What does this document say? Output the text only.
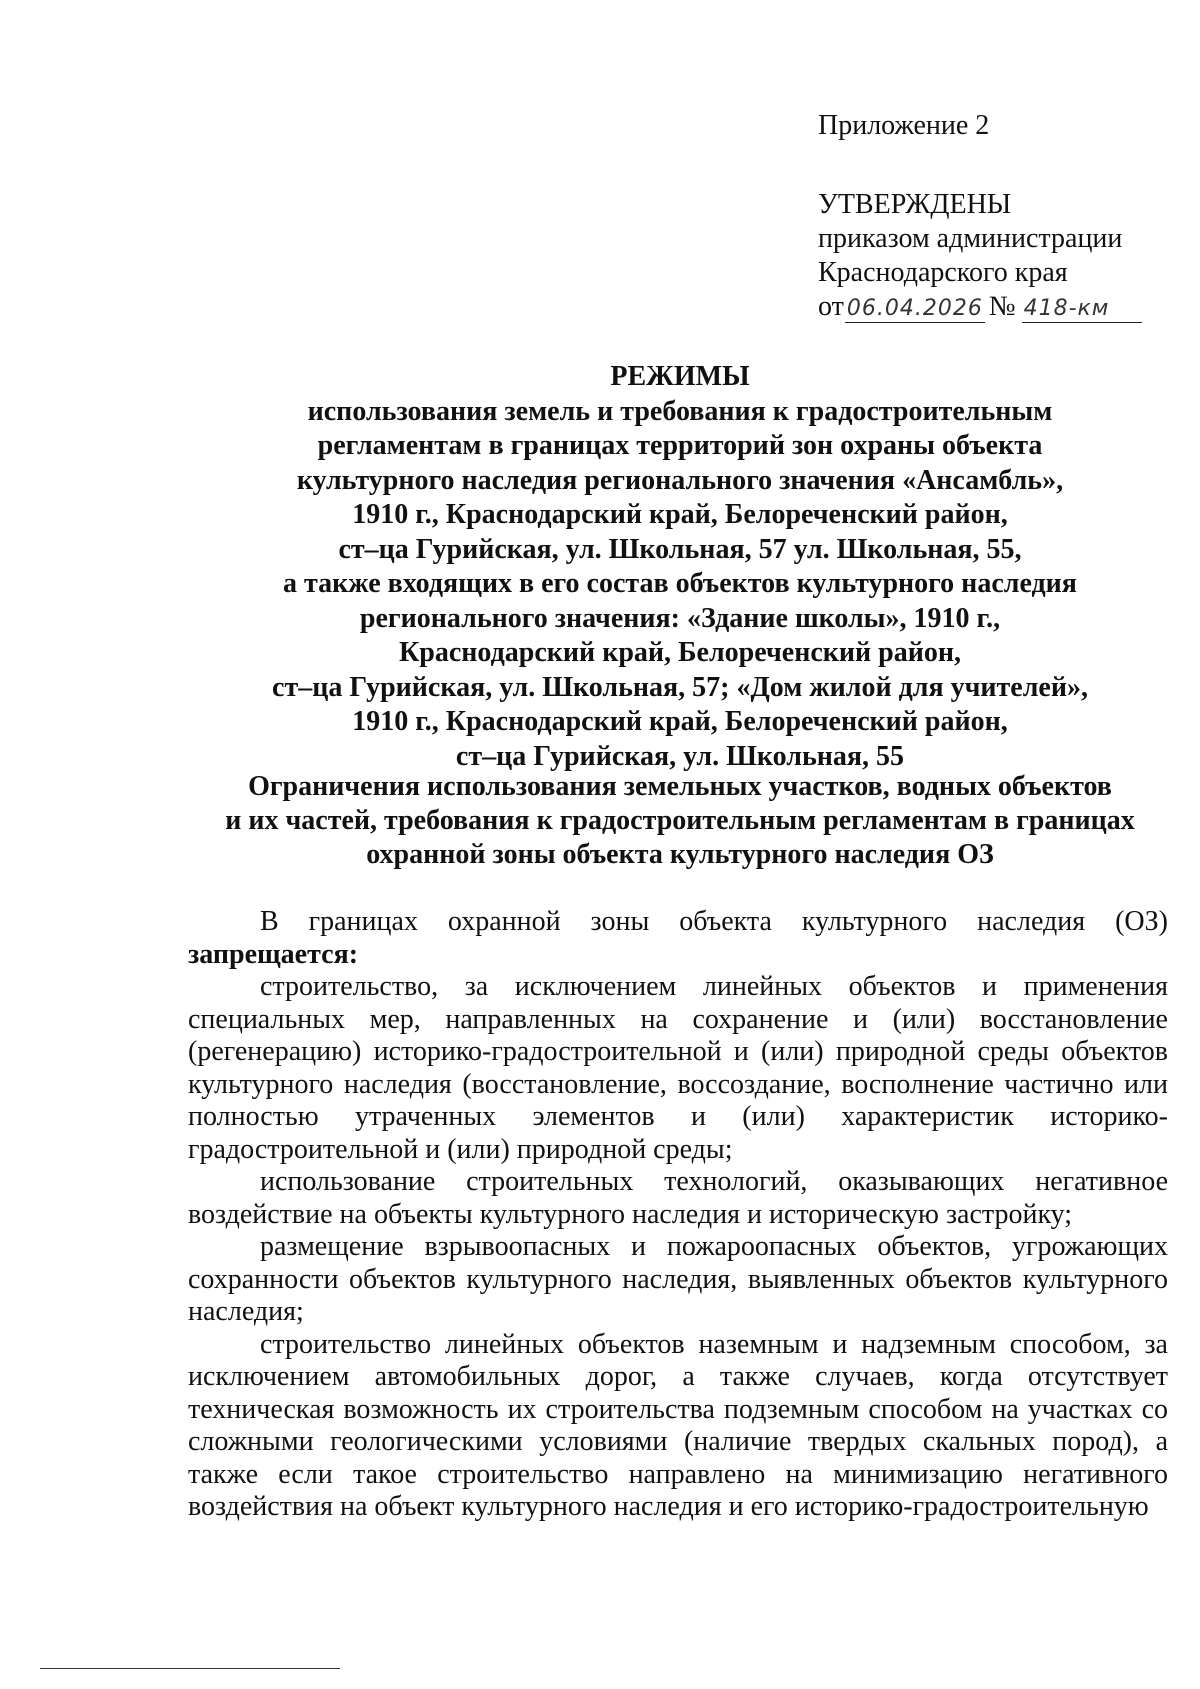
Приложение 2
УТВЕРЖДЕНЫ
приказом администрации
Краснодарского края
от 06.04.2026 № 418-км
РЕЖИМЫ
использования земель и требования к градостроительным
регламентам в границах территорий зон охраны объекта
культурного наследия регионального значения «Ансамбль»,
1910 г., Краснодарский край, Белореченский район,
ст–ца Гурийская, ул. Школьная, 57 ул. Школьная, 55,
а также входящих в его состав объектов культурного наследия
регионального значения: «Здание школы», 1910 г.,
Краснодарский край, Белореченский район,
ст–ца Гурийская, ул. Школьная, 57; «Дом жилой для учителей»,
1910 г., Краснодарский край, Белореченский район,
ст–ца Гурийская, ул. Школьная, 55
Ограничения использования земельных участков, водных объектов
и их частей, требования к градостроительным регламентам в границах
охранной зоны объекта культурного наследия ОЗ

В границах охранной зоны объекта культурного наследия (ОЗ) запрещается:

строительство, за исключением линейных объектов и применения специальных мер, направленных на сохранение и (или) восстановление (регенерацию) историко-градостроительной и (или) природной среды объектов культурного наследия (восстановление, воссоздание, восполнение частично или полностью утраченных элементов и (или) характеристик историко-градостроительной и (или) природной среды;

использование строительных технологий, оказывающих негативное воздействие на объекты культурного наследия и историческую застройку;

размещение взрывоопасных и пожароопасных объектов, угрожающих сохранности объектов культурного наследия, выявленных объектов культурного наследия;

строительство линейных объектов наземным и надземным способом, за исключением автомобильных дорог, а также случаев, когда отсутствует техническая возможность их строительства подземным способом на участках со сложными геологическими условиями (наличие твердых скальных пород), а также если такое строительство направлено на минимизацию негативного воздействия на объект культурного наследия и его историко-градостроительную
